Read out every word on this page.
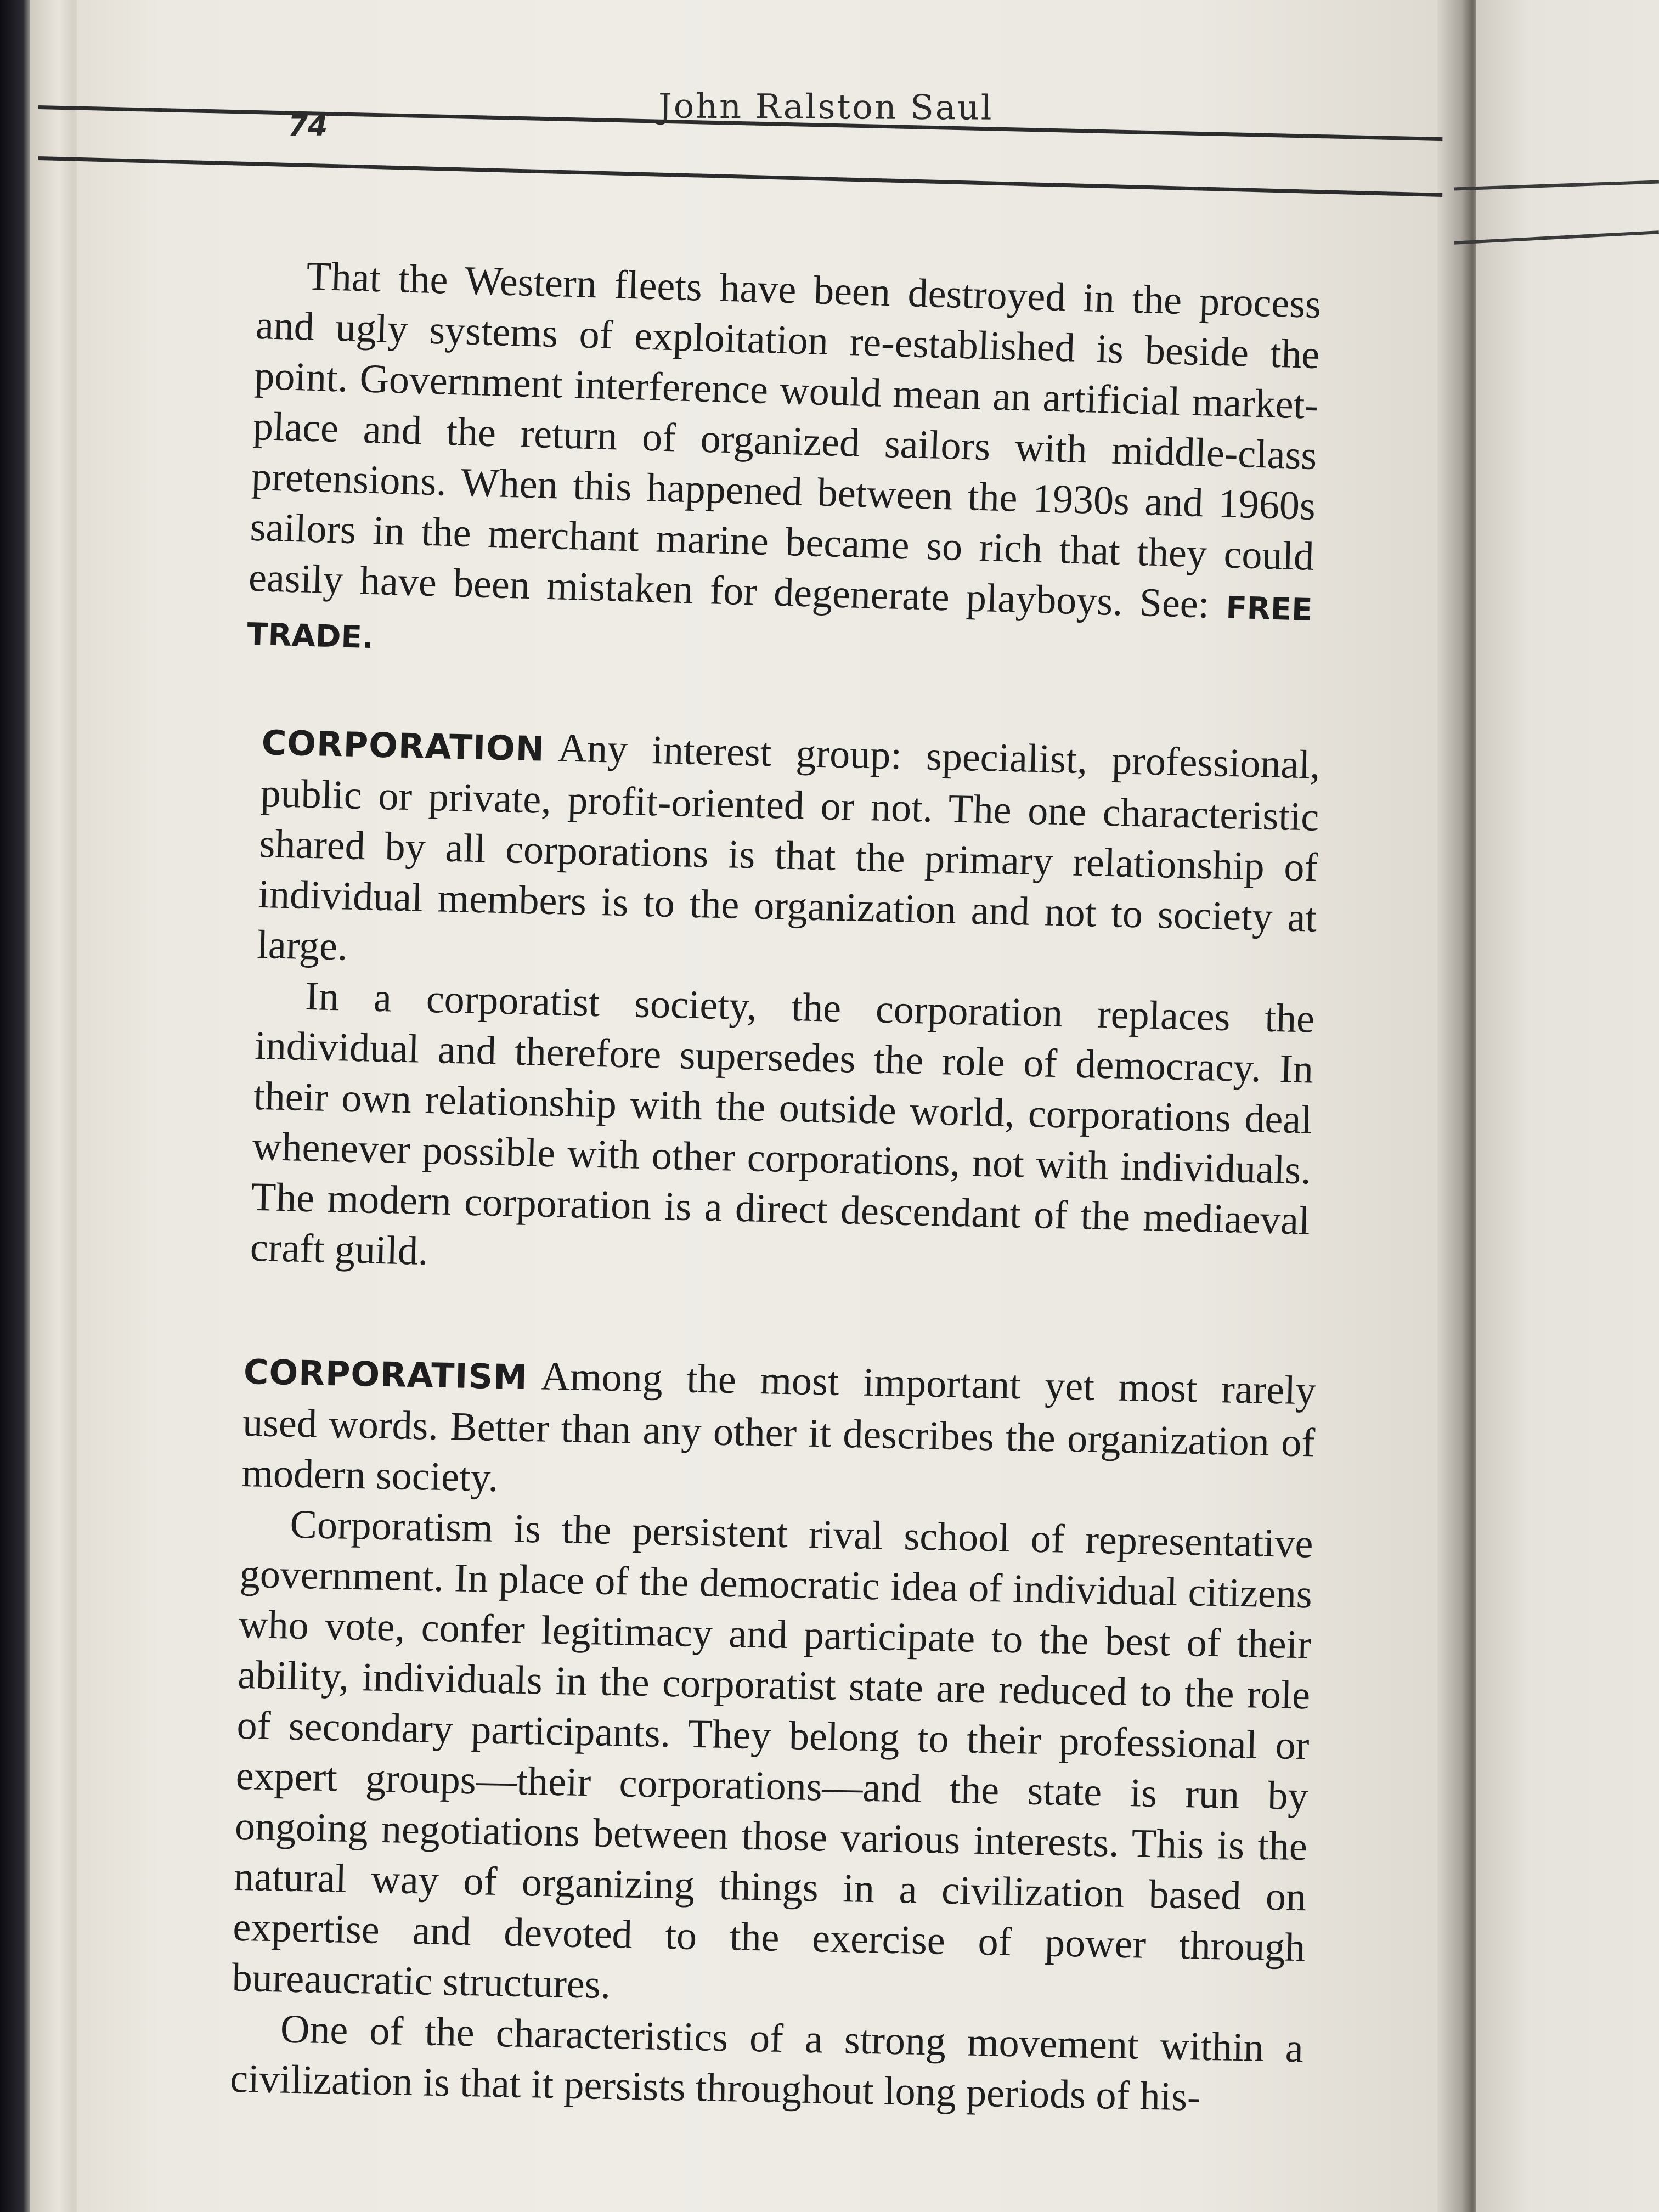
74	John Ralston Saul

That the Western fleets have been destroyed in the process and ugly systems of exploitation re-established is beside the point. Government interference would mean an artificial market-place and the return of organized sailors with middle-class pretensions. When this happened between the 1930s and 1960s sailors in the merchant marine became so rich that they could easily have been mistaken for degenerate playboys. See: FREE TRADE.

CORPORATION Any interest group: specialist, professional, public or private, profit-oriented or not. The one characteristic shared by all corporations is that the primary relationship of individual members is to the organization and not to society at large.

In a corporatist society, the corporation replaces the individual and therefore supersedes the role of democracy. In their own relationship with the outside world, corporations deal whenever possible with other corporations, not with individuals. The modern corporation is a direct descendant of the mediaeval craft guild.

CORPORATISM Among the most important yet most rarely used words. Better than any other it describes the organization of modern society.

Corporatism is the persistent rival school of representative government. In place of the democratic idea of individual citizens who vote, confer legitimacy and participate to the best of their ability, individuals in the corporatist state are reduced to the role of secondary participants. They belong to their professional or expert groups—their corporations—and the state is run by ongoing negotiations between those various interests. This is the natural way of organizing things in a civilization based on expertise and devoted to the exercise of power through bureaucratic structures.

One of the characteristics of a strong movement within a civilization is that it persists throughout long periods of his-
